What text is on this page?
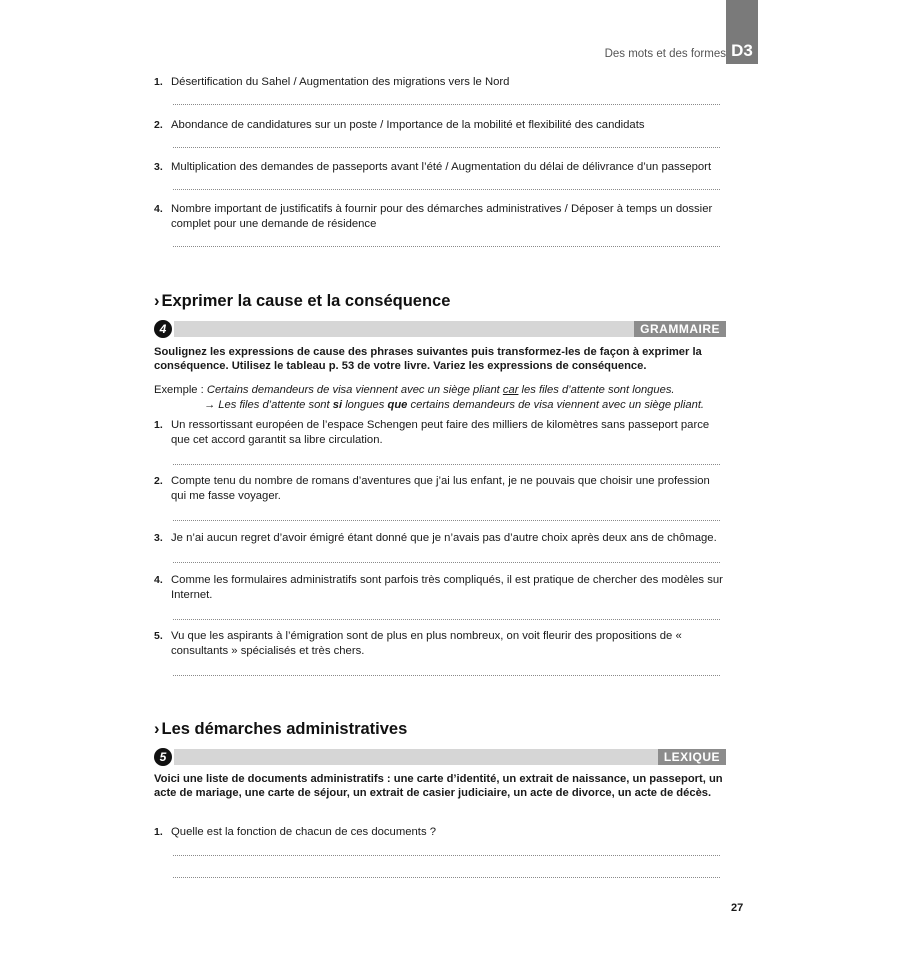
Des mots et des formes D3
1. Désertification du Sahel / Augmentation des migrations vers le Nord
2. Abondance de candidatures sur un poste / Importance de la mobilité et flexibilité des candidats
3. Multiplication des demandes de passeports avant l’été / Augmentation du délai de délivrance d’un passeport
4. Nombre important de justificatifs à fournir pour des démarches administratives / Déposer à temps un dossier complet pour une demande de résidence
› Exprimer la cause et la conséquence
4	GRAMMAIRE
Soulignez les expressions de cause des phrases suivantes puis transformez-les de façon à exprimer la conséquence. Utilisez le tableau p. 53 de votre livre. Variez les expressions de conséquence.
Exemple : Certains demandeurs de visa viennent avec un siège pliant car les files d’attente sont longues.
→ Les files d’attente sont si longues que certains demandeurs de visa viennent avec un siège pliant.
1. Un ressortissant européen de l’espace Schengen peut faire des milliers de kilomètres sans passeport parce que cet accord garantit sa libre circulation.
2. Compte tenu du nombre de romans d’aventures que j’ai lus enfant, je ne pouvais que choisir une profession qui me fasse voyager.
3. Je n’ai aucun regret d’avoir émigré étant donné que je n’avais pas d’autre choix après deux ans de chômage.
4. Comme les formulaires administratifs sont parfois très compliqués, il est pratique de chercher des modèles sur Internet.
5. Vu que les aspirants à l’émigration sont de plus en plus nombreux, on voit fleurir des propositions de « consultants » spécialisés et très chers.
› Les démarches administratives
5	LEXIQUE
Voici une liste de documents administratifs : une carte d’identité, un extrait de naissance, un passeport, un acte de mariage, une carte de séjour, un extrait de casier judiciaire, un acte de divorce, un acte de décès.
1. Quelle est la fonction de chacun de ces documents ?
27
